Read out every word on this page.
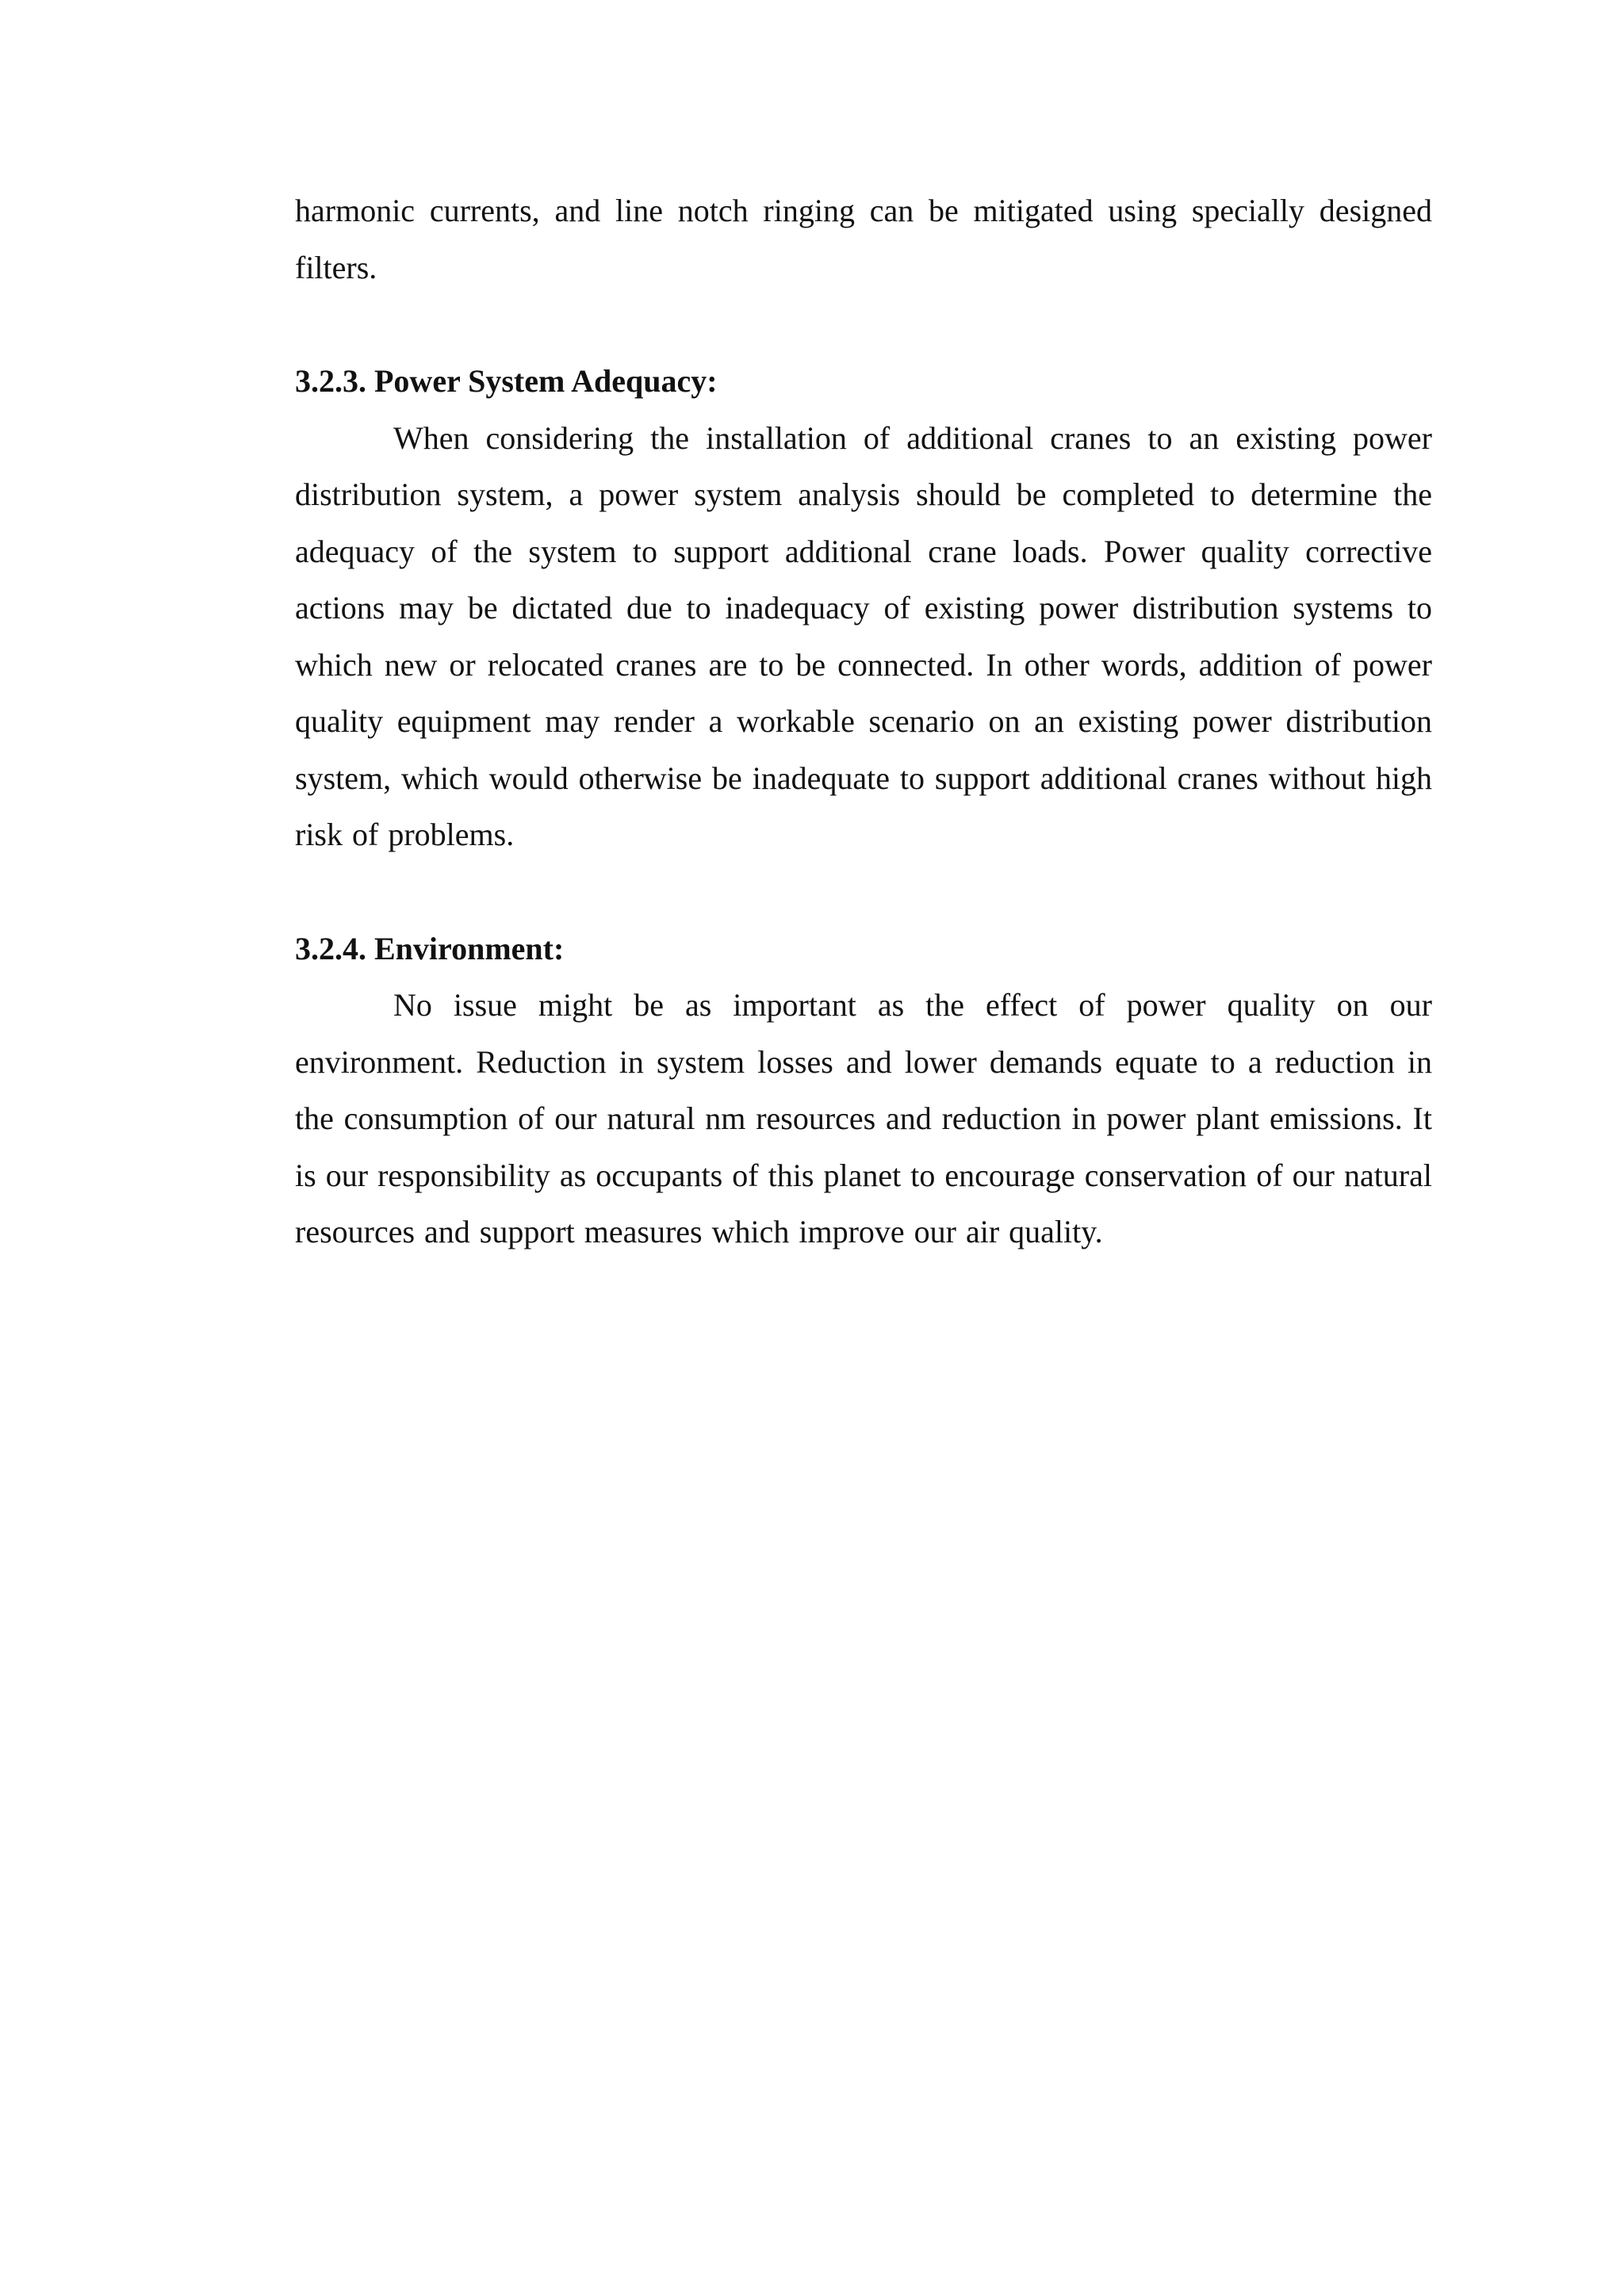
harmonic currents, and line notch ringing can be mitigated using specially designed filters.

3.2.3. Power System Adequacy:

When considering the installation of additional cranes to an existing power distribution system, a power system analysis should be completed to determine the adequacy of the system to support additional crane loads. Power quality corrective actions may be dictated due to inadequacy of existing power distribution systems to which new or relocated cranes are to be connected. In other words, addition of power quality equipment may render a workable scenario on an existing power distribution system, which would otherwise be inadequate to support additional cranes without high risk of problems.

3.2.4. Environment:

No issue might be as important as the effect of power quality on our environment. Reduction in system losses and lower demands equate to a reduction in the consumption of our natural nm resources and reduction in power plant emissions. It is our responsibility as occupants of this planet to encourage conservation of our natural resources and support measures which improve our air quality.
